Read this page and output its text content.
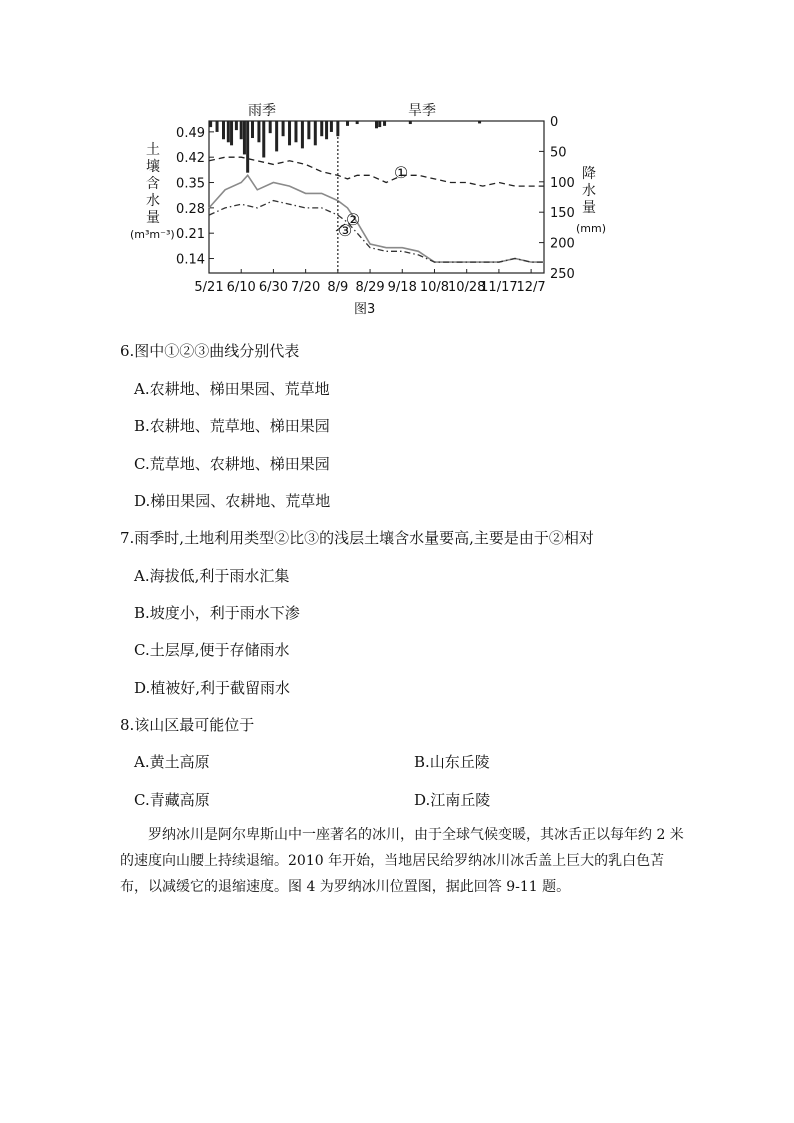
0.49
0.42
0.35
0.28
0.21
0.14
0
50
100
150
200
250
5/21 6/10 6/30 7/20 8/9 8/29 9/18 10/8
10/28
11/17
12/7
雨季	旱季
①
②
③
土
壤
含
水
量
(m³m⁻³)
降
水
量
(mm)
图3
6.图中①②③曲线分别代表
A.农耕地、梯田果园、荒草地
B.农耕地、荒草地、梯田果园
C.荒草地、农耕地、梯田果园
D.梯田果园、农耕地、荒草地
7.雨季时,土地利用类型②比③的浅层土壤含水量要高,主要是由于②相对
A.海拔低,利于雨水汇集
B.坡度小，利于雨水下渗
C.土层厚,便于存储雨水
D.植被好,利于截留雨水
8.该山区最可能位于
A.黄土高原	B.山东丘陵
C.青藏高原	D.江南丘陵
罗纳冰川是阿尔卑斯山中一座著名的冰川，由于全球气候变暖，其冰舌正以每年约 2 米的速度向山腰上持续退缩。2010 年开始，当地居民给罗纳冰川冰舌盖上巨大的乳白色苫布，以减缓它的退缩速度。图 4 为罗纳冰川位置图，据此回答 9-11 题。
